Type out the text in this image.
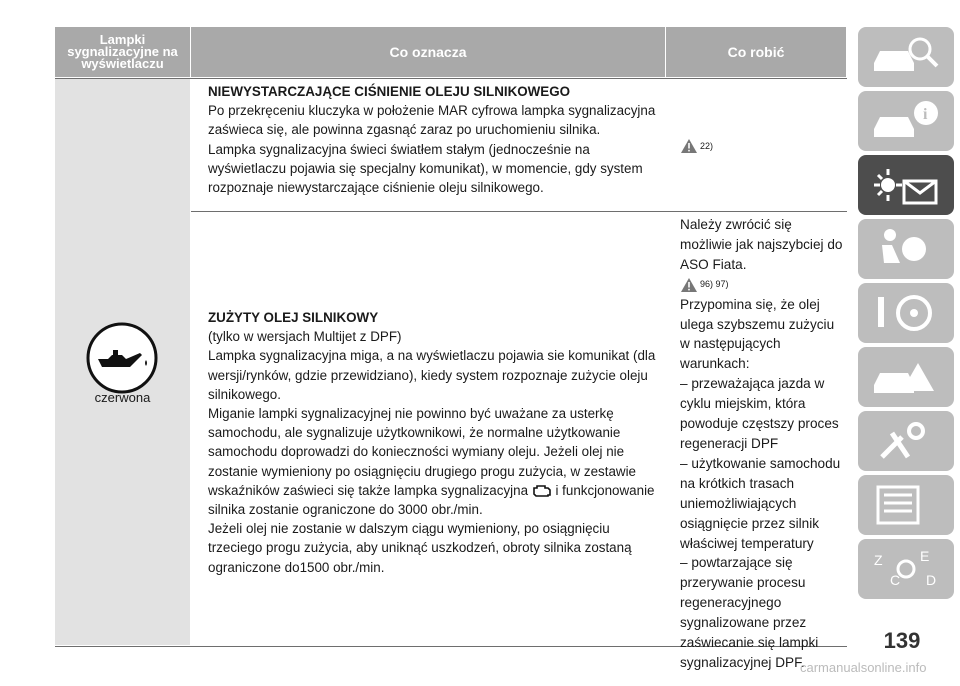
Lampki sygnalizacyjne na wyświetlaczu
Co oznacza	Co robić
czerwona
NIEWYSTARCZAJĄCE CIŚNIENIE OLEJU SILNIKOWEGO
Po przekręceniu kluczyka w położenie MAR cyfrowa lampka sygnalizacyjna zaświeca się, ale powinna zgasnąć zaraz po uruchomieniu silnika.
Lampka sygnalizacyjna świeci światłem stałym (jednocześnie na wyświetlaczu pojawia się specjalny komunikat), w momencie, gdy system rozpoznaje niewystarczające ciśnienie oleju silnikowego.
22)
ZUŻYTY OLEJ SILNIKOWY
(tylko w wersjach Multijet z DPF)
Lampka sygnalizacyjna miga, a na wyświetlaczu pojawia sie komunikat (dla wersji/rynków, gdzie przewidziano), kiedy system rozpoznaje zużycie oleju silnikowego.
Miganie lampki sygnalizacyjnej nie powinno być uważane za usterkę samochodu, ale sygnalizuje użytkownikowi, że normalne użytkowanie samochodu doprowadzi do konieczności wymiany oleju. Jeżeli olej nie zostanie wymieniony po osiągnięciu drugiego progu zużycia, w zestawie wskaźników zaświeci się także lampka sygnalizacyjna i funkcjonowanie silnika zostanie ograniczone do 3000 obr./min.
Jeżeli olej nie zostanie w dalszym ciągu wymieniony, po osiągnięciu trzeciego progu zużycia, aby uniknąć uszkodzeń, obroty silnika zostaną ograniczone do1500 obr./min.
Należy zwrócić się możliwie jak najszybciej do ASO Fiata.
96) 97)
Przypomina się, że olej ulega szybszemu zużyciu w następujących warunkach:
– przeważająca jazda w cyklu miejskim, która powoduje częstszy proces regeneracji DPF
– użytkowanie samochodu na krótkich trasach uniemożliwiających osiągnięcie przez silnik właściwej temperatury
– powtarzające się przerywanie procesu regeneracyjnego sygnalizowane przez zaświecanie się lampki sygnalizacyjnej DPF.
i
Z	E
C D
139
carmanualsonline.info
